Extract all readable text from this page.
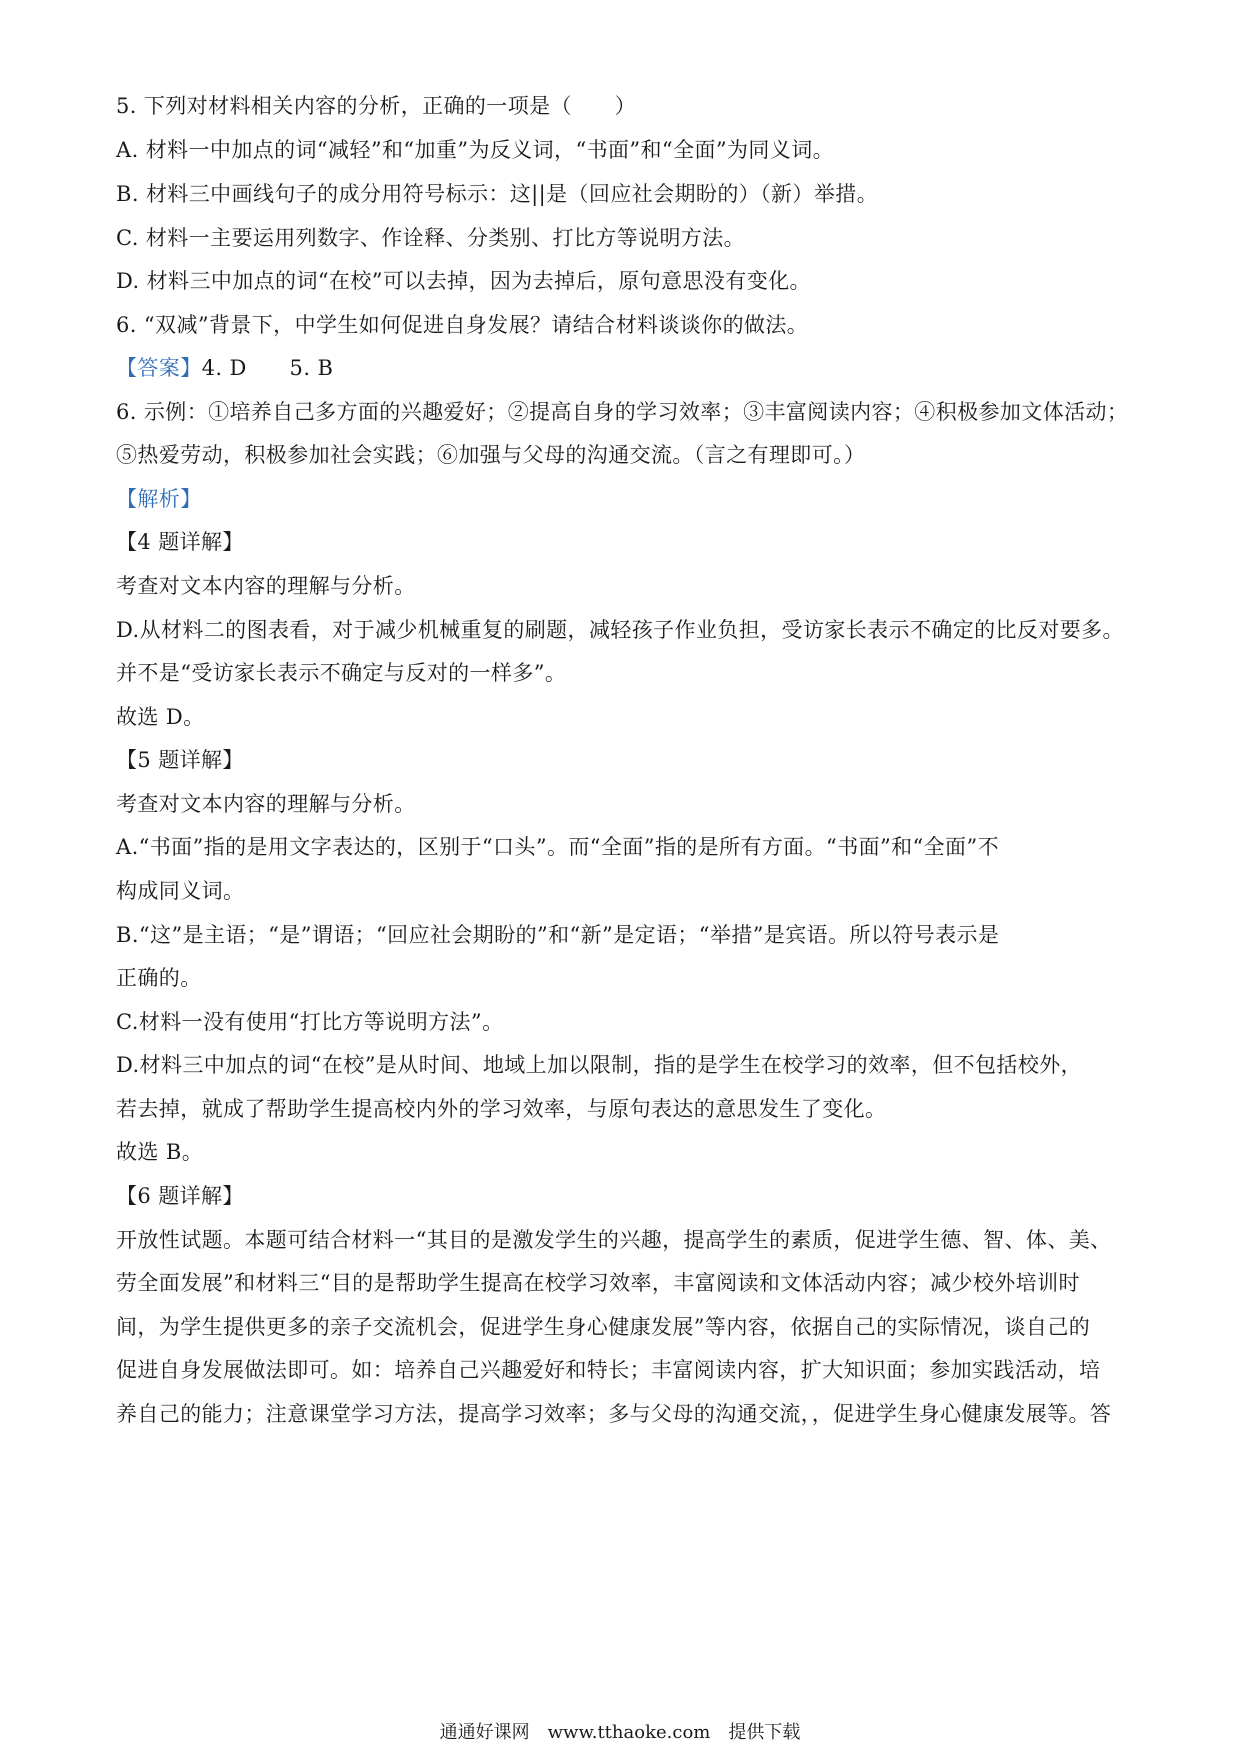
5. 下列对材料相关内容的分析，正确的一项是（　　）
A. 材料一中加点的词“减轻”和“加重”为反义词，“书面”和“全面”为同义词。
B. 材料三中画线句子的成分用符号标示：这||是（回应社会期盼的）（新）举措。
C. 材料一主要运用列数字、作诠释、分类别、打比方等说明方法。
D. 材料三中加点的词“在校”可以去掉，因为去掉后，原句意思没有变化。
6. “双减”背景下，中学生如何促进自身发展？请结合材料谈谈你的做法。
【答案】4. D　　5. B
6. 示例：①培养自己多方面的兴趣爱好；②提高自身的学习效率；③丰富阅读内容；④积极参加文体活动；
⑤热爱劳动，积极参加社会实践；⑥加强与父母的沟通交流。（言之有理即可。）
【解析】
【4 题详解】
考查对文本内容的理解与分析。
D.从材料二的图表看，对于减少机械重复的刷题，减轻孩子作业负担，受访家长表示不确定的比反对要多。
并不是“受访家长表示不确定与反对的一样多”。
故选 D。
【5 题详解】
考查对文本内容的理解与分析。
A.“书面”指的是用文字表达的，区别于“口头”。而“全面”指的是所有方面。“书面”和“全面”不
构成同义词。
B.“这”是主语；“是”谓语；“回应社会期盼的”和“新”是定语；“举措”是宾语。所以符号表示是
正确的。
C.材料一没有使用“打比方等说明方法”。
D.材料三中加点的词“在校”是从时间、地域上加以限制，指的是学生在校学习的效率，但不包括校外，
若去掉，就成了帮助学生提高校内外的学习效率，与原句表达的意思发生了变化。
故选 B。
【6 题详解】
开放性试题。本题可结合材料一“其目的是激发学生的兴趣，提高学生的素质，促进学生德、智、体、美、
劳全面发展”和材料三“目的是帮助学生提高在校学习效率，丰富阅读和文体活动内容；减少校外培训时
间，为学生提供更多的亲子交流机会，促进学生身心健康发展”等内容，依据自己的实际情况，谈自己的
促进自身发展做法即可。如：培养自己兴趣爱好和特长；丰富阅读内容，扩大知识面；参加实践活动，培
养自己的能力；注意课堂学习方法，提高学习效率；多与父母的沟通交流，，促进学生身心健康发展等。答
通通好课网　www.tthaoke.com　提供下载
